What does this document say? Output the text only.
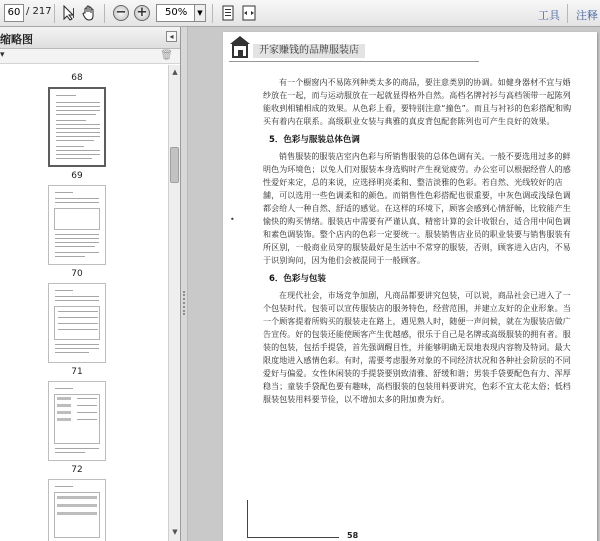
60 / 217	− +	50%	▼	工具 注释
缩略图	◂
▾	🗑
68
69
70
71
72
▲
▼
开家赚钱的品牌服装店
•

有一个橱窗内不易陈列种类太多的商品，要注意类别的协调。如健身器材不宜与婚纱放在一起，而与运动服放在一起就显得格外自然。高档名牌衬衫与高档领带一起陈列能收到相辅相成的效果。从色彩上看，要特别注意“撞色”。而且与衬衫的色彩搭配和购买有着内在联系。高级职业女装与典雅的真皮背包配套陈列也可产生良好的效果。

5．色彩与服装总体色调

销售服装的服装店室内色彩与所销售服装的总体色调有关。一般不要选用过多的鲜明色为环境色；以兔人们对服装本身选购时产生视觉疲劳。办公室可以根据经营人的感性爱好来定，总的来说，应选择明亮柔和、整洁淡雅的色彩。若自然、光线较好的店舖，可以选用一些色调柔和的颜色。而销售性色彩搭配也很重要，中灰色调或浅绿色调都会给人一种自然、舒适的感觉。在这样的环境下，顾客会感到心情舒畅，比较能产生愉快的购买情绪。服装店中需要有严谨认真、精密计算的会计收银台，适合用中间色调和素色调装饰。整个店内的色彩一定要统一。服装销售店业员的职业装要与销售服装有所区别，一般商业员穿的服装最好是生活中不常穿的服装，否则，顾客进入店内，不易于识别询问，因为他们会被混同于一般顾客。

6．色彩与包装

在现代社会，市场竞争加剧，凡商品都要讲究包装，可以说，商品社会已进入了一个包装时代。包装可以宣传服装店的服务特色，经营范围，并建立友好的企业形象。当一个顾客提着所购买的服装走在路上，遇见熟人时，随便一声问候，就在为服装店做广告宣传。好的包装还能使顾客产生优越感，很乐于自己是名牌或高级服装的拥有者。服装的包装，包括手提袋，首先强调醒目性，并能够明确无误地表现内容物及特词。最大限度地进入感情色彩。有时，需要考虑服务对象的不同经济状况和各种社会阶层的不同爱好与偏爱。女性休闲装的手提袋要别致清雅、舒缓和谐；男装手袋要配色有力、浑厚稳当；童装手袋配色要有趣味，高档服装的包装用料要讲究，色彩不宜太花太俗；低档服装包装用料要节俭，以不增加太多的附加费为好。

58
